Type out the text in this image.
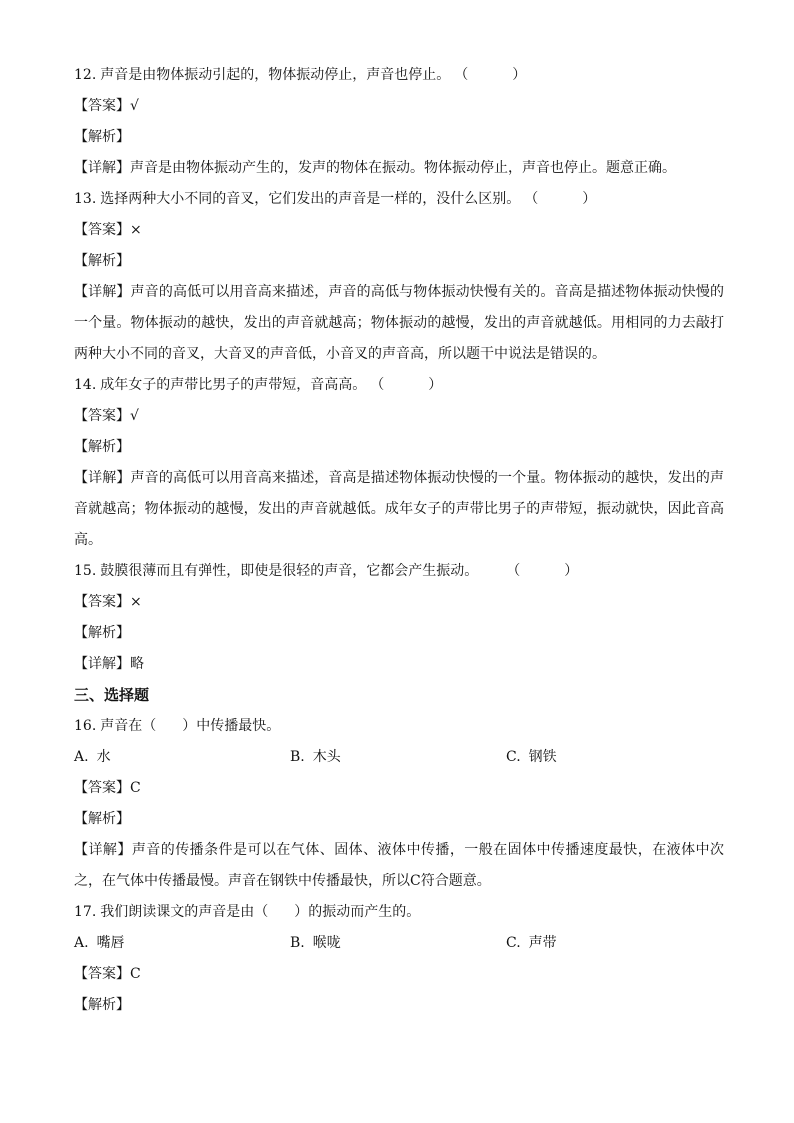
12. 声音是由物体振动引起的，物体振动停止，声音也停止。 （	）
【答案】√
【解析】
【详解】声音是由物体振动产生的，发声的物体在振动。物体振动停止，声音也停止。题意正确。
13. 选择两种大小不同的音叉，它们发出的声音是一样的，没什么区别。 （	）
【答案】×
【解析】
【详解】声音的高低可以用音高来描述，声音的高低与物体振动快慢有关的。音高是描述物体振动快慢的一个量。物体振动的越快，发出的声音就越高；物体振动的越慢，发出的声音就越低。用相同的力去敲打两种大小不同的音叉，大音叉的声音低，小音叉的声音高，所以题干中说法是错误的。
14. 成年女子的声带比男子的声带短，音高高。 （	）
【答案】√
【解析】
【详解】声音的高低可以用音高来描述，音高是描述物体振动快慢的一个量。物体振动的越快，发出的声音就越高；物体振动的越慢，发出的声音就越低。成年女子的声带比男子的声带短，振动就快，因此音高高。
15. 鼓膜很薄而且有弹性，即使是很轻的声音，它都会产生振动。 （	）
【答案】×
【解析】
【详解】略
三、选择题
16. 声音在（ ）中传播最快。
A. 水	B. 木头	C. 钢铁
【答案】C
【解析】
【详解】声音的传播条件是可以在气体、固体、液体中传播，一般在固体中传播速度最快，在液体中次之，在气体中传播最慢。声音在钢铁中传播最快，所以C符合题意。
17. 我们朗读课文的声音是由（ ）的振动而产生的。
A. 嘴唇	B. 喉咙	C. 声带
【答案】C
【解析】
